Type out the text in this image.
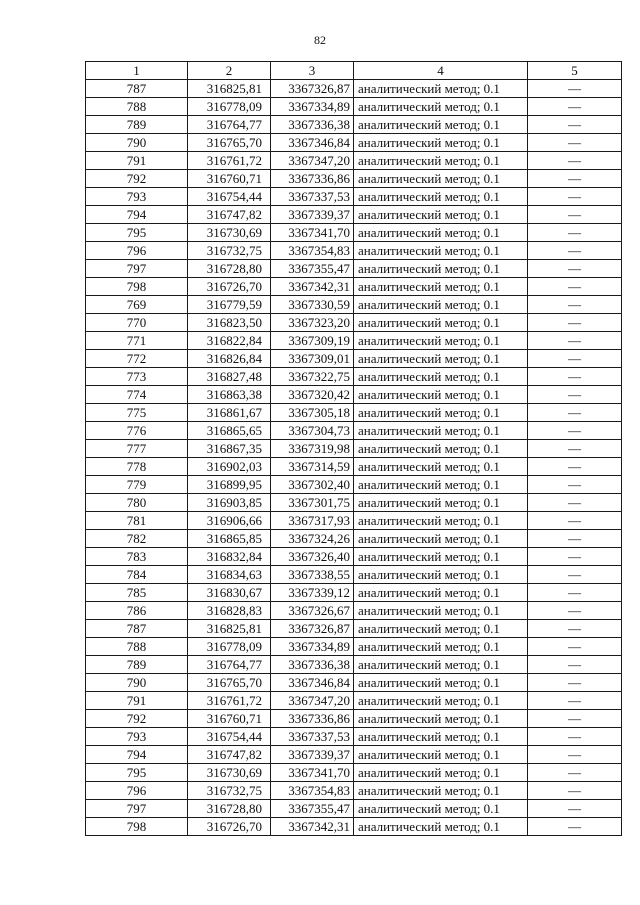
82
1	2	3	4	5
787	316825,81	3367326,87	аналитический метод; 0.1	—
788	316778,09	3367334,89	аналитический метод; 0.1	—
789	316764,77	3367336,38	аналитический метод; 0.1	—
790	316765,70	3367346,84	аналитический метод; 0.1	—
791	316761,72	3367347,20	аналитический метод; 0.1	—
792	316760,71	3367336,86	аналитический метод; 0.1	—
793	316754,44	3367337,53	аналитический метод; 0.1	—
794	316747,82	3367339,37	аналитический метод; 0.1	—
795	316730,69	3367341,70	аналитический метод; 0.1	—
796	316732,75	3367354,83	аналитический метод; 0.1	—
797	316728,80	3367355,47	аналитический метод; 0.1	—
798	316726,70	3367342,31	аналитический метод; 0.1	—
769	316779,59	3367330,59	аналитический метод; 0.1	—
770	316823,50	3367323,20	аналитический метод; 0.1	—
771	316822,84	3367309,19	аналитический метод; 0.1	—
772	316826,84	3367309,01	аналитический метод; 0.1	—
773	316827,48	3367322,75	аналитический метод; 0.1	—
774	316863,38	3367320,42	аналитический метод; 0.1	—
775	316861,67	3367305,18	аналитический метод; 0.1	—
776	316865,65	3367304,73	аналитический метод; 0.1	—
777	316867,35	3367319,98	аналитический метод; 0.1	—
778	316902,03	3367314,59	аналитический метод; 0.1	—
779	316899,95	3367302,40	аналитический метод; 0.1	—
780	316903,85	3367301,75	аналитический метод; 0.1	—
781	316906,66	3367317,93	аналитический метод; 0.1	—
782	316865,85	3367324,26	аналитический метод; 0.1	—
783	316832,84	3367326,40	аналитический метод; 0.1	—
784	316834,63	3367338,55	аналитический метод; 0.1	—
785	316830,67	3367339,12	аналитический метод; 0.1	—
786	316828,83	3367326,67	аналитический метод; 0.1	—
787	316825,81	3367326,87	аналитический метод; 0.1	—
788	316778,09	3367334,89	аналитический метод; 0.1	—
789	316764,77	3367336,38	аналитический метод; 0.1	—
790	316765,70	3367346,84	аналитический метод; 0.1	—
791	316761,72	3367347,20	аналитический метод; 0.1	—
792	316760,71	3367336,86	аналитический метод; 0.1	—
793	316754,44	3367337,53	аналитический метод; 0.1	—
794	316747,82	3367339,37	аналитический метод; 0.1	—
795	316730,69	3367341,70	аналитический метод; 0.1	—
796	316732,75	3367354,83	аналитический метод; 0.1	—
797	316728,80	3367355,47	аналитический метод; 0.1	—
798	316726,70	3367342,31	аналитический метод; 0.1	—
